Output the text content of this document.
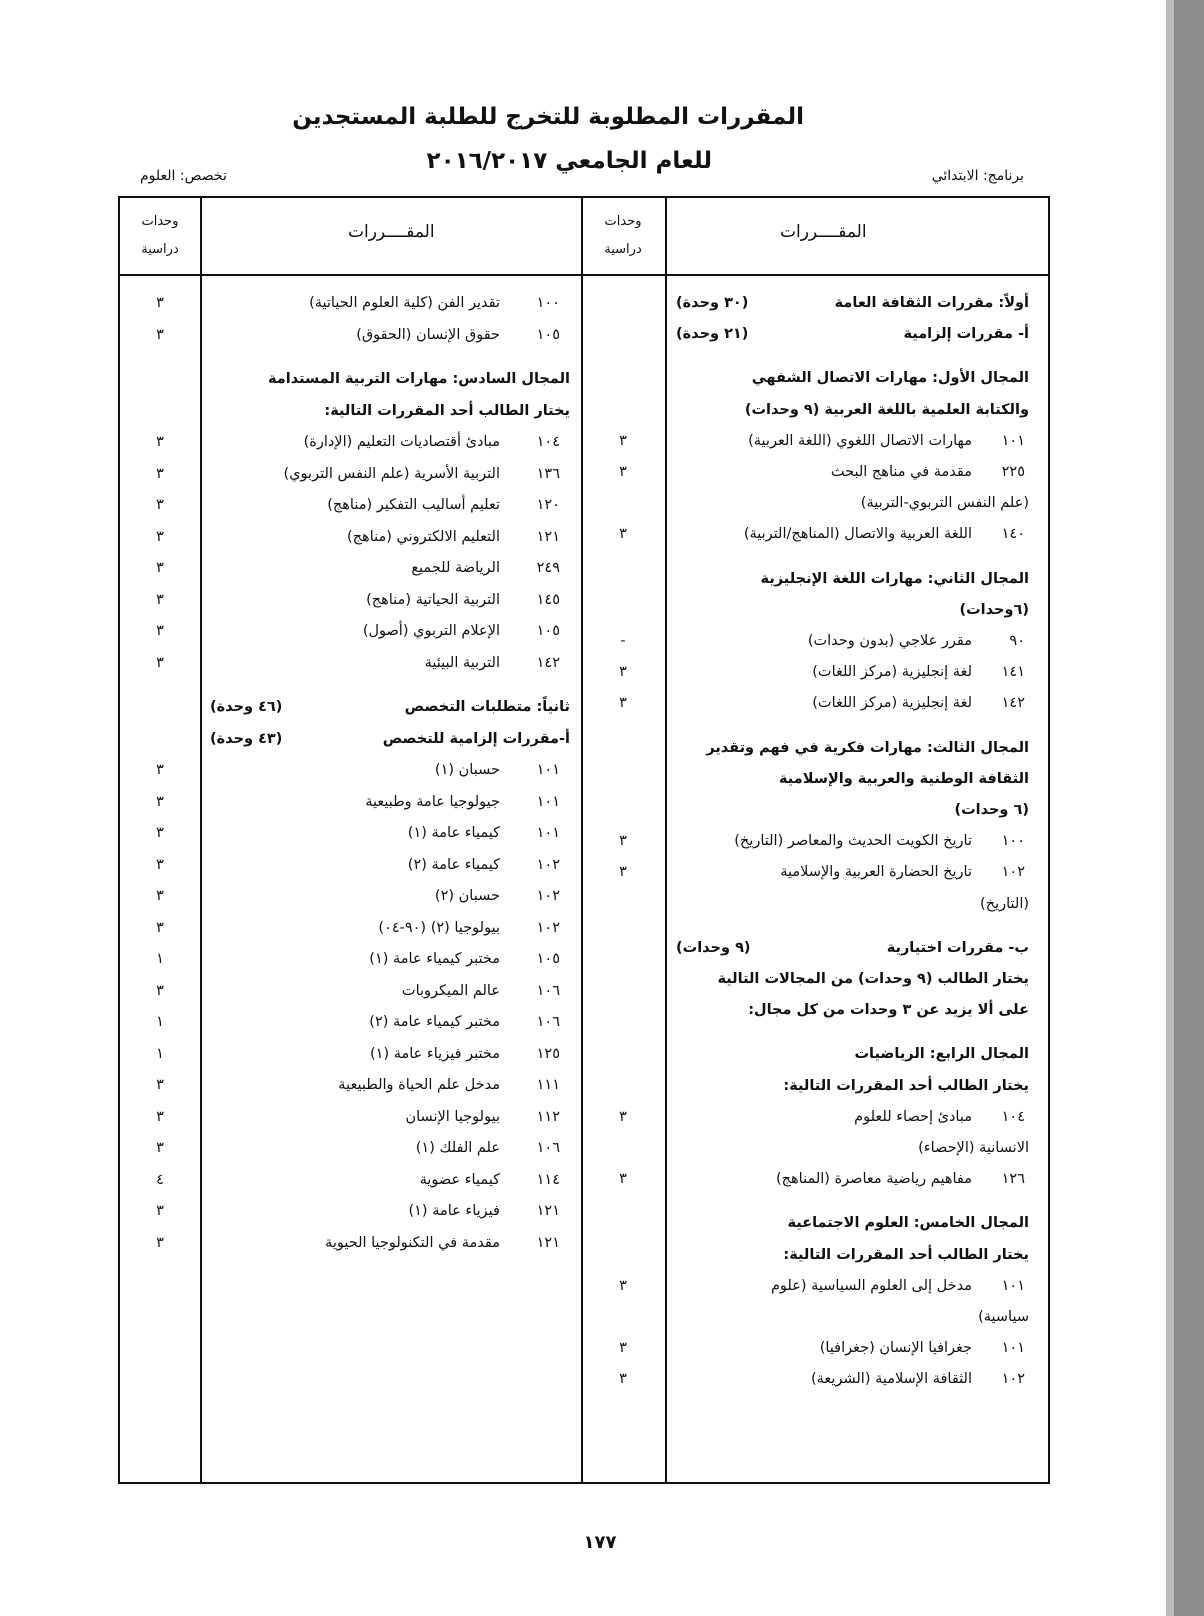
المقررات المطلوبة للتخرج للطلبة المستجدين
للعام الجامعي ٢٠١٦/٢٠١٧
برنامج: الابتدائي
تخصص: العلوم
المقــــررات
المقــــررات
وحدات
دراسية
وحدات
دراسية
أولاً: مقررات الثقافة العامة
(٣٠ وحدة)
أ- مقررات إلزامية
(٢١ وحدة)
المجال الأول: مهارات الاتصال الشفهي
والكتابة العلمية باللغة العربية (٩ وحدات)
١٠١
مهارات الاتصال اللغوي (اللغة العربية)
٣
٢٢٥
مقدمة في مناهج البحث
٣
(علم النفس التربوي-التربية)
١٤٠
اللغة العربية والاتصال (المناهج/التربية)
٣
المجال الثاني: مهارات اللغة الإنجليزية
(٦وحدات)
٩٠
مقرر علاجي (بدون وحدات)
-
١٤١
لغة إنجليزية (مركز اللغات)
٣
١٤٢
لغة إنجليزية (مركز اللغات)
٣
المجال الثالث: مهارات فكرية في فهم وتقدير
الثقافة الوطنية والعربية والإسلامية
(٦ وحدات)
١٠٠
تاريخ الكويت الحديث والمعاصر (التاريخ)
٣
١٠٢
تاريخ الحضارة العربية والإسلامية
٣
(التاريخ)
ب- مقررات اختيارية
(٩ وحدات)
يختار الطالب (٩ وحدات) من المجالات التالية
على ألا يزيد عن ٣ وحدات من كل مجال:
المجال الرابع: الرياضيات
يختار الطالب أحد المقررات التالية:
١٠٤
مبادئ إحصاء للعلوم
٣
الانسانية (الإحصاء)
١٢٦
مفاهيم رياضية معاصرة (المناهج)
٣
المجال الخامس: العلوم الاجتماعية
يختار الطالب أحد المقررات التالية:
١٠١
مدخل إلى العلوم السياسية (علوم
٣
سياسية)
١٠١
جغرافيا الإنسان (جغرافيا)
٣
١٠٢
الثقافة الإسلامية (الشريعة)
٣
١٠٠
تقدير الفن (كلية العلوم الحياتية)
٣
١٠٥
حقوق الإنسان (الحقوق)
٣
المجال السادس: مهارات التربية المستدامة
يختار الطالب أحد المقررات التالية:
١٠٤
مبادئ أقتصاديات التعليم (الإدارة)
٣
١٣٦
التربية الأسرية (علم النفس التربوي)
٣
١٢٠
تعليم أساليب التفكير (مناهج)
٣
١٢١
التعليم الالكتروني (مناهج)
٣
٢٤٩
الرياضة للجميع
٣
١٤٥
التربية الحياتية (مناهج)
٣
١٠٥
الإعلام التربوي (أصول)
٣
١٤٢
التربية البيئية
٣
ثانياً: متطلبات التخصص
(٤٦ وحدة)
أ-مقررات إلزامية للتخصص
(٤٣ وحدة)
١٠١
حسبان (١)
٣
١٠١
جيولوجيا عامة وطبيعية
٣
١٠١
كيمياء عامة (١)
٣
١٠٢
كيمياء عامة (٢)
٣
١٠٢
حسبان (٢)
٣
١٠٢
بيولوجيا (٢) (٩٠-٠٤)
٣
١٠٥
مختبر كيمياء عامة (١)
١
١٠٦
عالم الميكروبات
٣
١٠٦
مختبر كيمياء عامة (٢)
١
١٢٥
مختبر فيزياء عامة (١)
١
١١١
مدخل علم الحياة والطبيعية
٣
١١٢
بيولوجيا الإنسان
٣
١٠٦
علم الفلك (١)
٣
١١٤
كيمياء عضوية
٤
١٢١
فيزياء عامة (١)
٣
١٢١
مقدمة في التكنولوجيا الحيوية
٣
١٧٧
